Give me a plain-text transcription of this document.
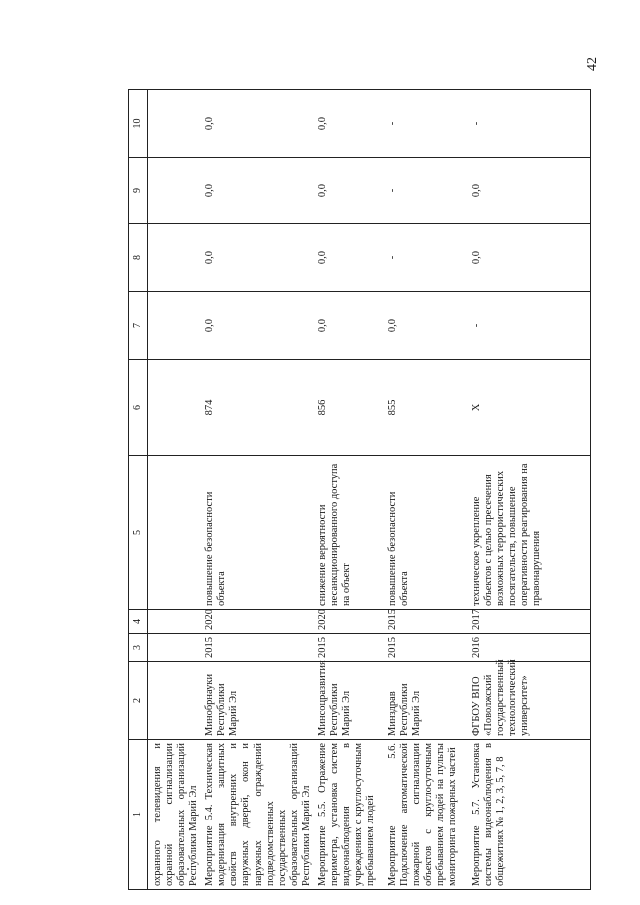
42
1	2	3	4	5	6	7	8	9	10
охранного телевидения и охранной сигнализации образовательных организаций Республики Марий Эл									
Мероприятие 5.4. Техническая модернизация защитных свойств внутренних и наружных дверей, окон и наружных ограждений подведомственных государственных образовательных организаций Республики Марий Эл	Минобрнауки Республики Марий Эл	2015	2020	повышение безопасности объекта	874	0,0	0,0	0,0	0,0
Мероприятие 5.5. Отражение периметра, установка систем видеонаблюдения в учреждениях с круглосуточным пребыванием людей	Минсоцразвития Республики Марий Эл	2015	2020	снижение вероятности несанкционированного доступа на объект	856	0,0	0,0	0,0	0,0
Мероприятие 5.6. Подключение автоматической пожарной сигнализации объектов с круглосуточным пребыванием людей на пульты мониторинга пожарных частей	Минздрав Республики Марий Эл	2015	2015	повышение безопасности объекта	855	0,0	-	-	-
Мероприятие 5.7. Установка системы видеонаблюдения в общежитиях № 1, 2, 3, 5, 7, 8	ФГБОУ ВПО «Поволжский государственный технологический университет»	2016	2017	техническое укрепление объектов с целью пресечения возможных террористических посягательств, повышение оперативности реагирования на правонарушения	Х	-	0,0	0,0	-
